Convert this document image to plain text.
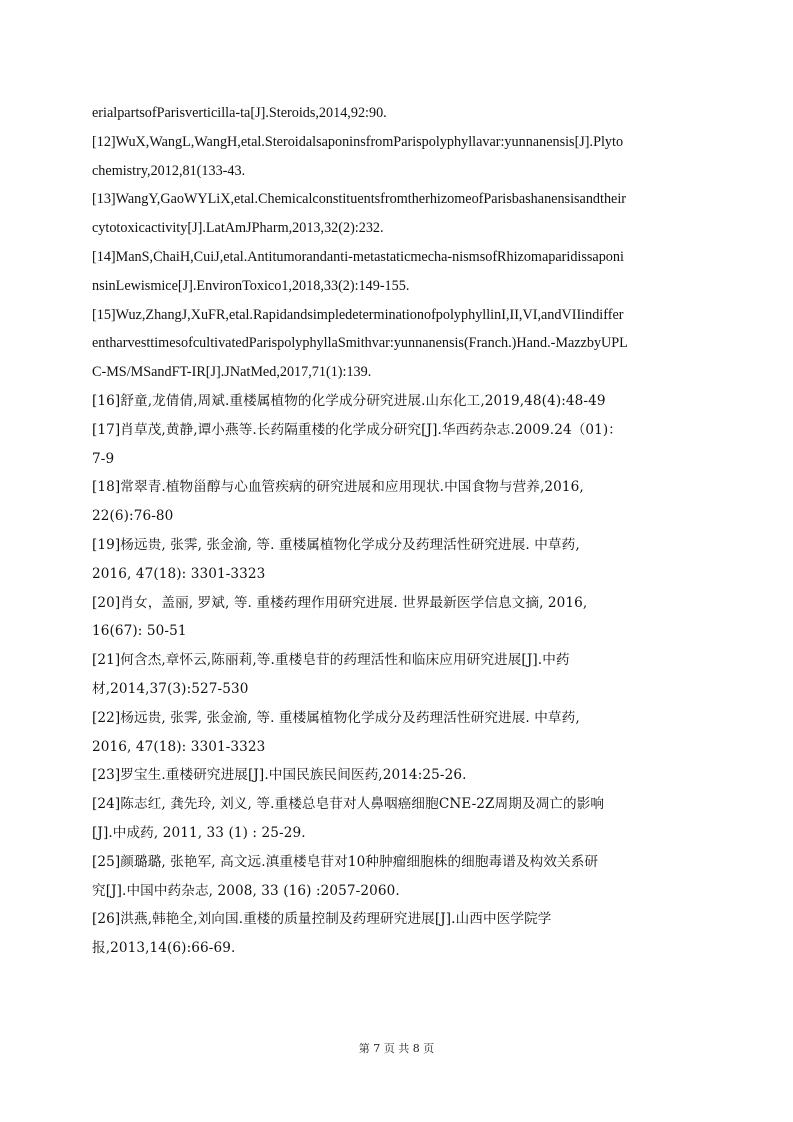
erialpartsofParisverticilla-ta[J].Steroids,2014,92:90.
[12]WuX,WangL,WangH,etal.SteroidalsaponinsfromParispolyphyllavar:yunnanensis[J].Plyto
chemistry,2012,81(133-43.
[13]WangY,GaoWYLiX,etal.ChemicalconstituentsfromtherhizomeofParisbashanensisandtheir
cytotoxicactivity[J].LatAmJPharm,2013,32(2):232.
[14]ManS,ChaiH,CuiJ,etal.Antitumorandanti-metastaticmecha-nismsofRhizomaparidissaponi
nsinLewismice[J].EnvironToxico1,2018,33(2):149-155.
[15]Wuz,ZhangJ,XuFR,etal.RapidandsimpledeterminationofpolyphyllinI,II,VI,andVIIindiffer
entharvesttimesofcultivatedParispolyphyllaSmithvar:yunnanensis(Franch.)Hand.-MazzbyUPL
C-MS/MSandFT-IR[J].JNatMed,2017,71(1):139.
[16]舒童,龙倩倩,周斌.重楼属植物的化学成分研究进展.山东化工,2019,48(4):48-49
[17]肖草茂,黄静,谭小燕等.长药隔重楼的化学成分研究[J].华西药杂志.2009.24（01)：
7-9
[18]常翠青.植物甾醇与心血管疾病的研究进展和应用现状.中国食物与营养,2016,
22(6):76-80
[19]杨远贵, 张霁, 张金渝, 等. 重楼属植物化学成分及药理活性研究进展. 中草药,
2016, 47(18): 3301-3323
[20]肖女，盖丽, 罗斌, 等. 重楼药理作用研究进展. 世界最新医学信息文摘, 2016,
16(67): 50-51
[21]何含杰,章怀云,陈丽莉,等.重楼皂苷的药理活性和临床应用研究进展[J].中药
材,2014,37(3):527-530
[22]杨远贵, 张霁, 张金渝, 等. 重楼属植物化学成分及药理活性研究进展. 中草药,
2016, 47(18): 3301-3323
[23]罗宝生.重楼研究进展[J].中国民族民间医药,2014:25-26.
[24]陈志红, 龚先玲, 刘义, 等.重楼总皂苷对人鼻咽癌细胞CNE-2Z周期及凋亡的影响
[J].中成药, 2011, 33 (1) : 25-29.
[25]颜璐璐, 张艳军, 高文远.滇重楼皂苷对10种肿瘤细胞株的细胞毒谱及构效关系研
究[J].中国中药杂志, 2008, 33 (16) :2057-2060.
[26]洪燕,韩艳全,刘向国.重楼的质量控制及药理研究进展[J].山西中医学院学
报,2013,14(6):66-69.
第 7 页 共 8 页
